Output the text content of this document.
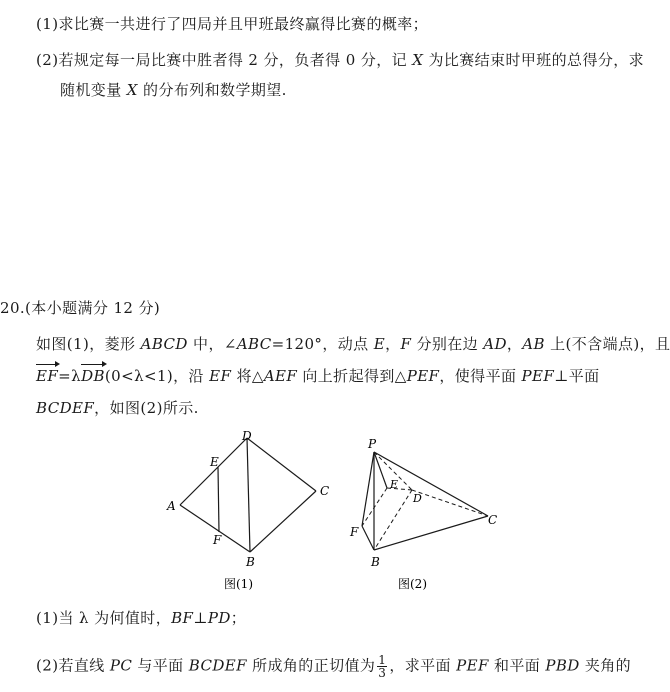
(1)求比赛一共进行了四局并且甲班最终赢得比赛的概率；
(2)若规定每一局比赛中胜者得 2 分，负者得 0 分，记 X 为比赛结束时甲班的总得分，求
随机变量 X 的分布列和数学期望.
20.(本小题满分 12 分)
如图(1)，菱形 ABCD 中，∠ABC=120°，动点 E，F 分别在边 AD，AB 上(不含端点)，且
EF=λDB(0<λ<1)，沿 EF 将△AEF 向上折起得到△PEF，使得平面 PEF⊥平面
BCDEF，如图(2)所示.
A
D
C
B
E
F
图(1)
P
E
D
C
F
B
图(2)
(1)当 λ 为何值时，BF⊥PD；
(2)若直线 PC 与平面 BCDEF 所成角的正切值为 $\frac{1}{3}$ ，求平面 PEF 和平面 PBD 夹角的
